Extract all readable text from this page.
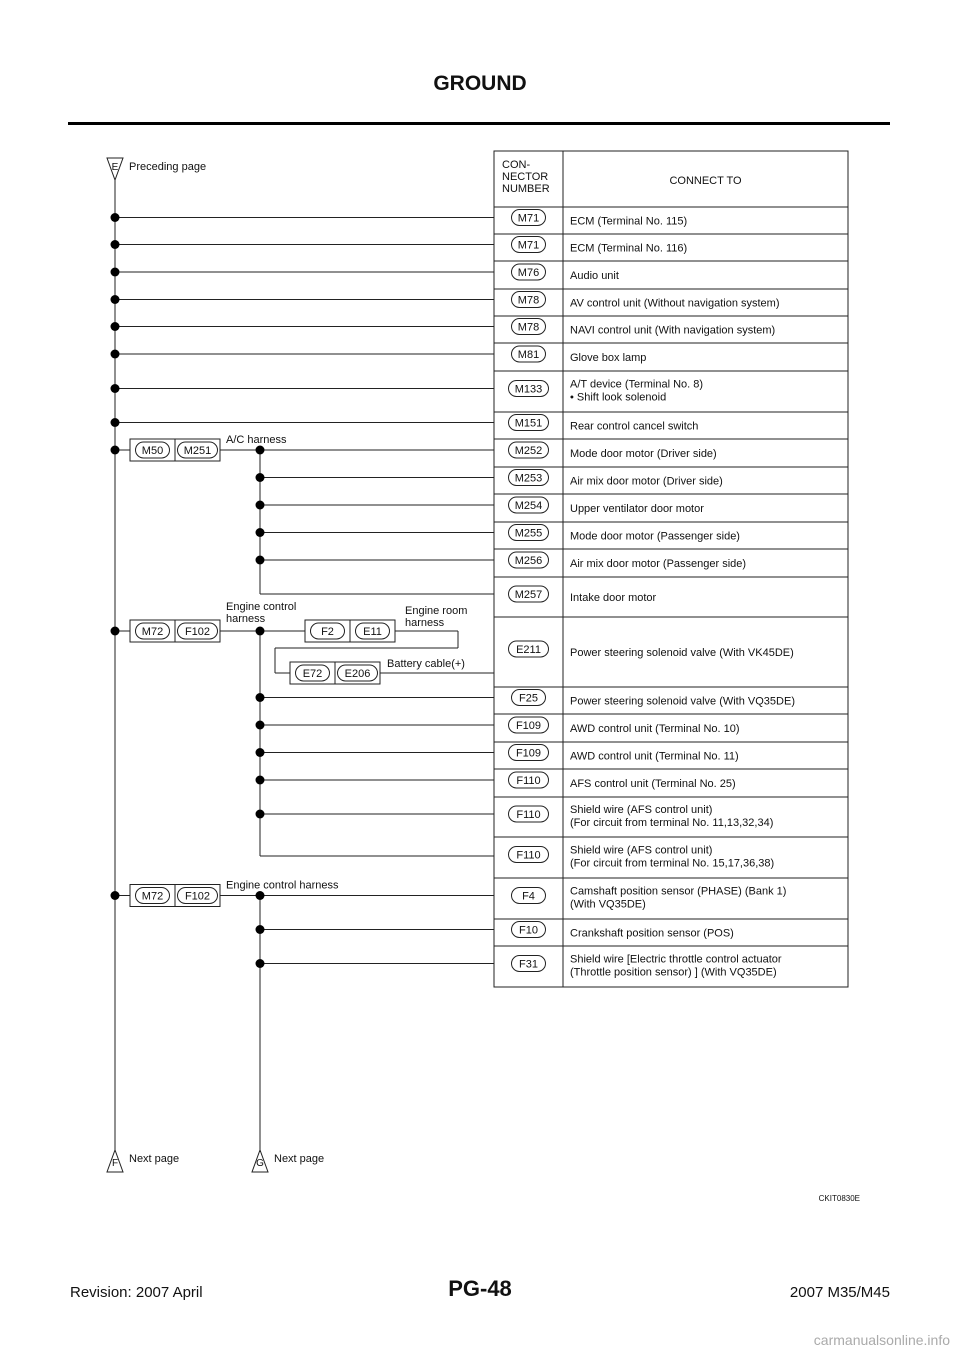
GROUND
CON-NECTOR NUMBER
CONNECT TO
M71	ECM (Terminal No. 115)
M71	ECM (Terminal No. 116)
M76	Audio unit
M78	AV control unit (Without navigation system)
M78	NAVI control unit (With navigation system)
M81	Glove box lamp
M133	A/T device (Terminal No. 8) • Shift look solenoid
M151	Rear control cancel switch
M252	Mode door motor (Driver side)
M253	Air mix door motor (Driver side)
M254	Upper ventilator door motor
M255	Mode door motor (Passenger side)
M256	Air mix door motor (Passenger side)
M257	Intake door motor
E211	Power steering solenoid valve (With VK45DE)
F25	Power steering solenoid valve (With VQ35DE)
F109	AWD control unit (Terminal No. 10)
F109	AWD control unit (Terminal No. 11)
F110	AFS control unit (Terminal No. 25)
F110	Shield wire (AFS control unit) (For circuit from terminal No. 11,13,32,34)
F110	Shield wire (AFS control unit) (For circuit from terminal No. 15,17,36,38)
F4	Camshaft position sensor (PHASE) (Bank 1) (With VQ35DE)
F10	Crankshaft position sensor (POS)
F31	Shield wire [Electric throttle control actuator (Throttle position sensor) ] (With VQ35DE)
E Preceding page
F Next page	G Next page
M50 M251
A/C harness
M72 F102
Engine control harness
F2	E11
Engine room harness
E72 E206
Battery cable(+)
M72 F102
Engine control harness
CKIT0830E
Revision: 2007 April	PG-48	2007 M35/M45
carmanualsonline.info
